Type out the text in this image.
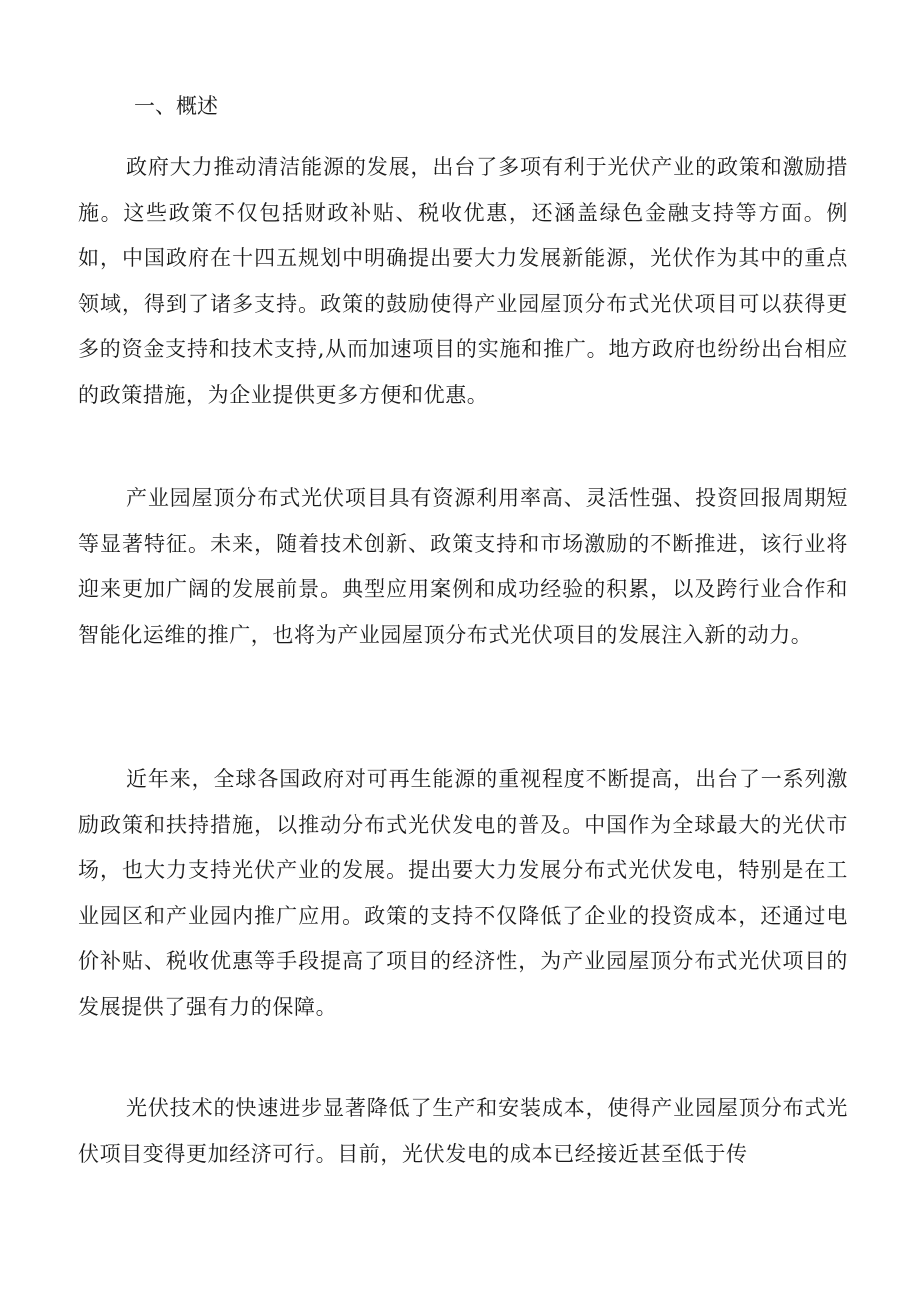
一、概述

政府大力推动清洁能源的发展，出台了多项有利于光伏产业的政策和激励措施。这些政策不仅包括财政补贴、税收优惠，还涵盖绿色金融支持等方面。例如，中国政府在十四五规划中明确提出要大力发展新能源，光伏作为其中的重点领域，得到了诸多支持。政策的鼓励使得产业园屋顶分布式光伏项目可以获得更多的资金支持和技术支持,从而加速项目的实施和推广。地方政府也纷纷出台相应的政策措施，为企业提供更多方便和优惠。

产业园屋顶分布式光伏项目具有资源利用率高、灵活性强、投资回报周期短等显著特征。未来，随着技术创新、政策支持和市场激励的不断推进，该行业将迎来更加广阔的发展前景。典型应用案例和成功经验的积累，以及跨行业合作和智能化运维的推广，也将为产业园屋顶分布式光伏项目的发展注入新的动力。

近年来，全球各国政府对可再生能源的重视程度不断提高，出台了一系列激励政策和扶持措施，以推动分布式光伏发电的普及。中国作为全球最大的光伏市场，也大力支持光伏产业的发展。提出要大力发展分布式光伏发电，特别是在工业园区和产业园内推广应用。政策的支持不仅降低了企业的投资成本，还通过电价补贴、税收优惠等手段提高了项目的经济性，为产业园屋顶分布式光伏项目的发展提供了强有力的保障。

光伏技术的快速进步显著降低了生产和安装成本，使得产业园屋顶分布式光伏项目变得更加经济可行。目前，光伏发电的成本已经接近甚至低于传
